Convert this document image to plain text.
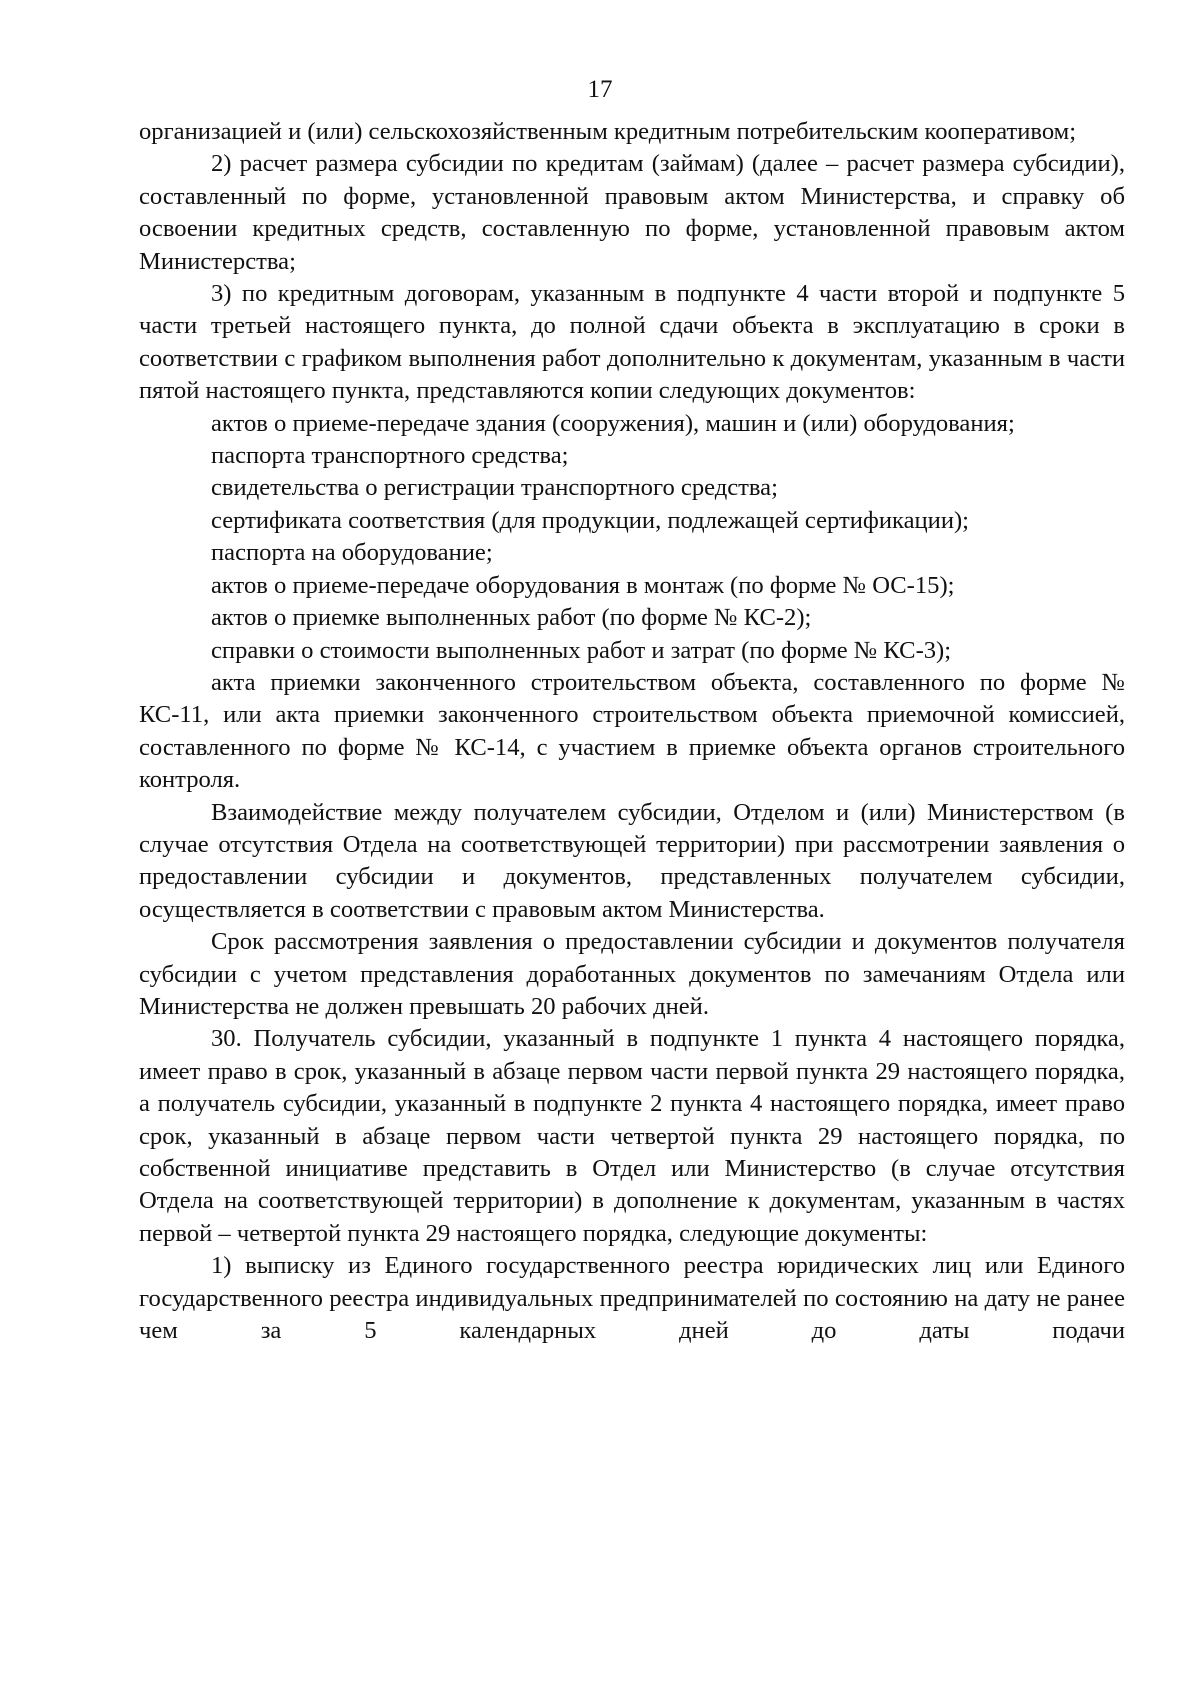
17

организацией и (или) сельскохозяйственным кредитным потребительским кооперативом;

2) расчет размера субсидии по кредитам (займам) (далее – расчет размера субсидии), составленный по форме, установленной правовым актом Министерства, и справку об освоении кредитных средств, составленную по форме, установленной правовым актом Министерства;

3) по кредитным договорам, указанным в подпункте 4 части второй и подпункте 5 части третьей настоящего пункта, до полной сдачи объекта в эксплуатацию в сроки в соответствии с графиком выполнения работ дополнительно к документам, указанным в части пятой настоящего пункта, представляются копии следующих документов:

актов о приеме-передаче здания (сооружения), машин и (или) оборудования;

паспорта транспортного средства;

свидетельства о регистрации транспортного средства;

сертификата соответствия (для продукции, подлежащей сертификации);

паспорта на оборудование;

актов о приеме-передаче оборудования в монтаж (по форме № ОС-15);

актов о приемке выполненных работ (по форме № КС-2);

справки о стоимости выполненных работ и затрат (по форме № КС-3);

акта приемки законченного строительством объекта, составленного по форме № КС-11, или акта приемки законченного строительством объекта приемочной комиссией, составленного по форме № КС-14, с участием в приемке объекта органов строительного контроля.

Взаимодействие между получателем субсидии, Отделом и (или) Министерством (в случае отсутствия Отдела на соответствующей территории) при рассмотрении заявления о предоставлении субсидии и документов, представленных получателем субсидии, осуществляется в соответствии с правовым актом Министерства.

Срок рассмотрения заявления о предоставлении субсидии и документов получателя субсидии с учетом представления доработанных документов по замечаниям Отдела или Министерства не должен превышать 20 рабочих дней.

30. Получатель субсидии, указанный в подпункте 1 пункта 4 настоящего порядка, имеет право в срок, указанный в абзаце первом части первой пункта 29 настоящего порядка, а получатель субсидии, указанный в подпункте 2 пункта 4 настоящего порядка, имеет право срок, указанный в абзаце первом части четвертой пункта 29 настоящего порядка, по собственной инициативе представить в Отдел или Министерство (в случае отсутствия Отдела на соответствующей территории) в дополнение к документам, указанным в частях первой – четвертой пункта 29 настоящего порядка, следующие документы:

1) выписку из Единого государственного реестра юридических лиц или Единого государственного реестра индивидуальных предпринимателей по состоянию на дату не ранее чем за 5 календарных дней до даты подачи
